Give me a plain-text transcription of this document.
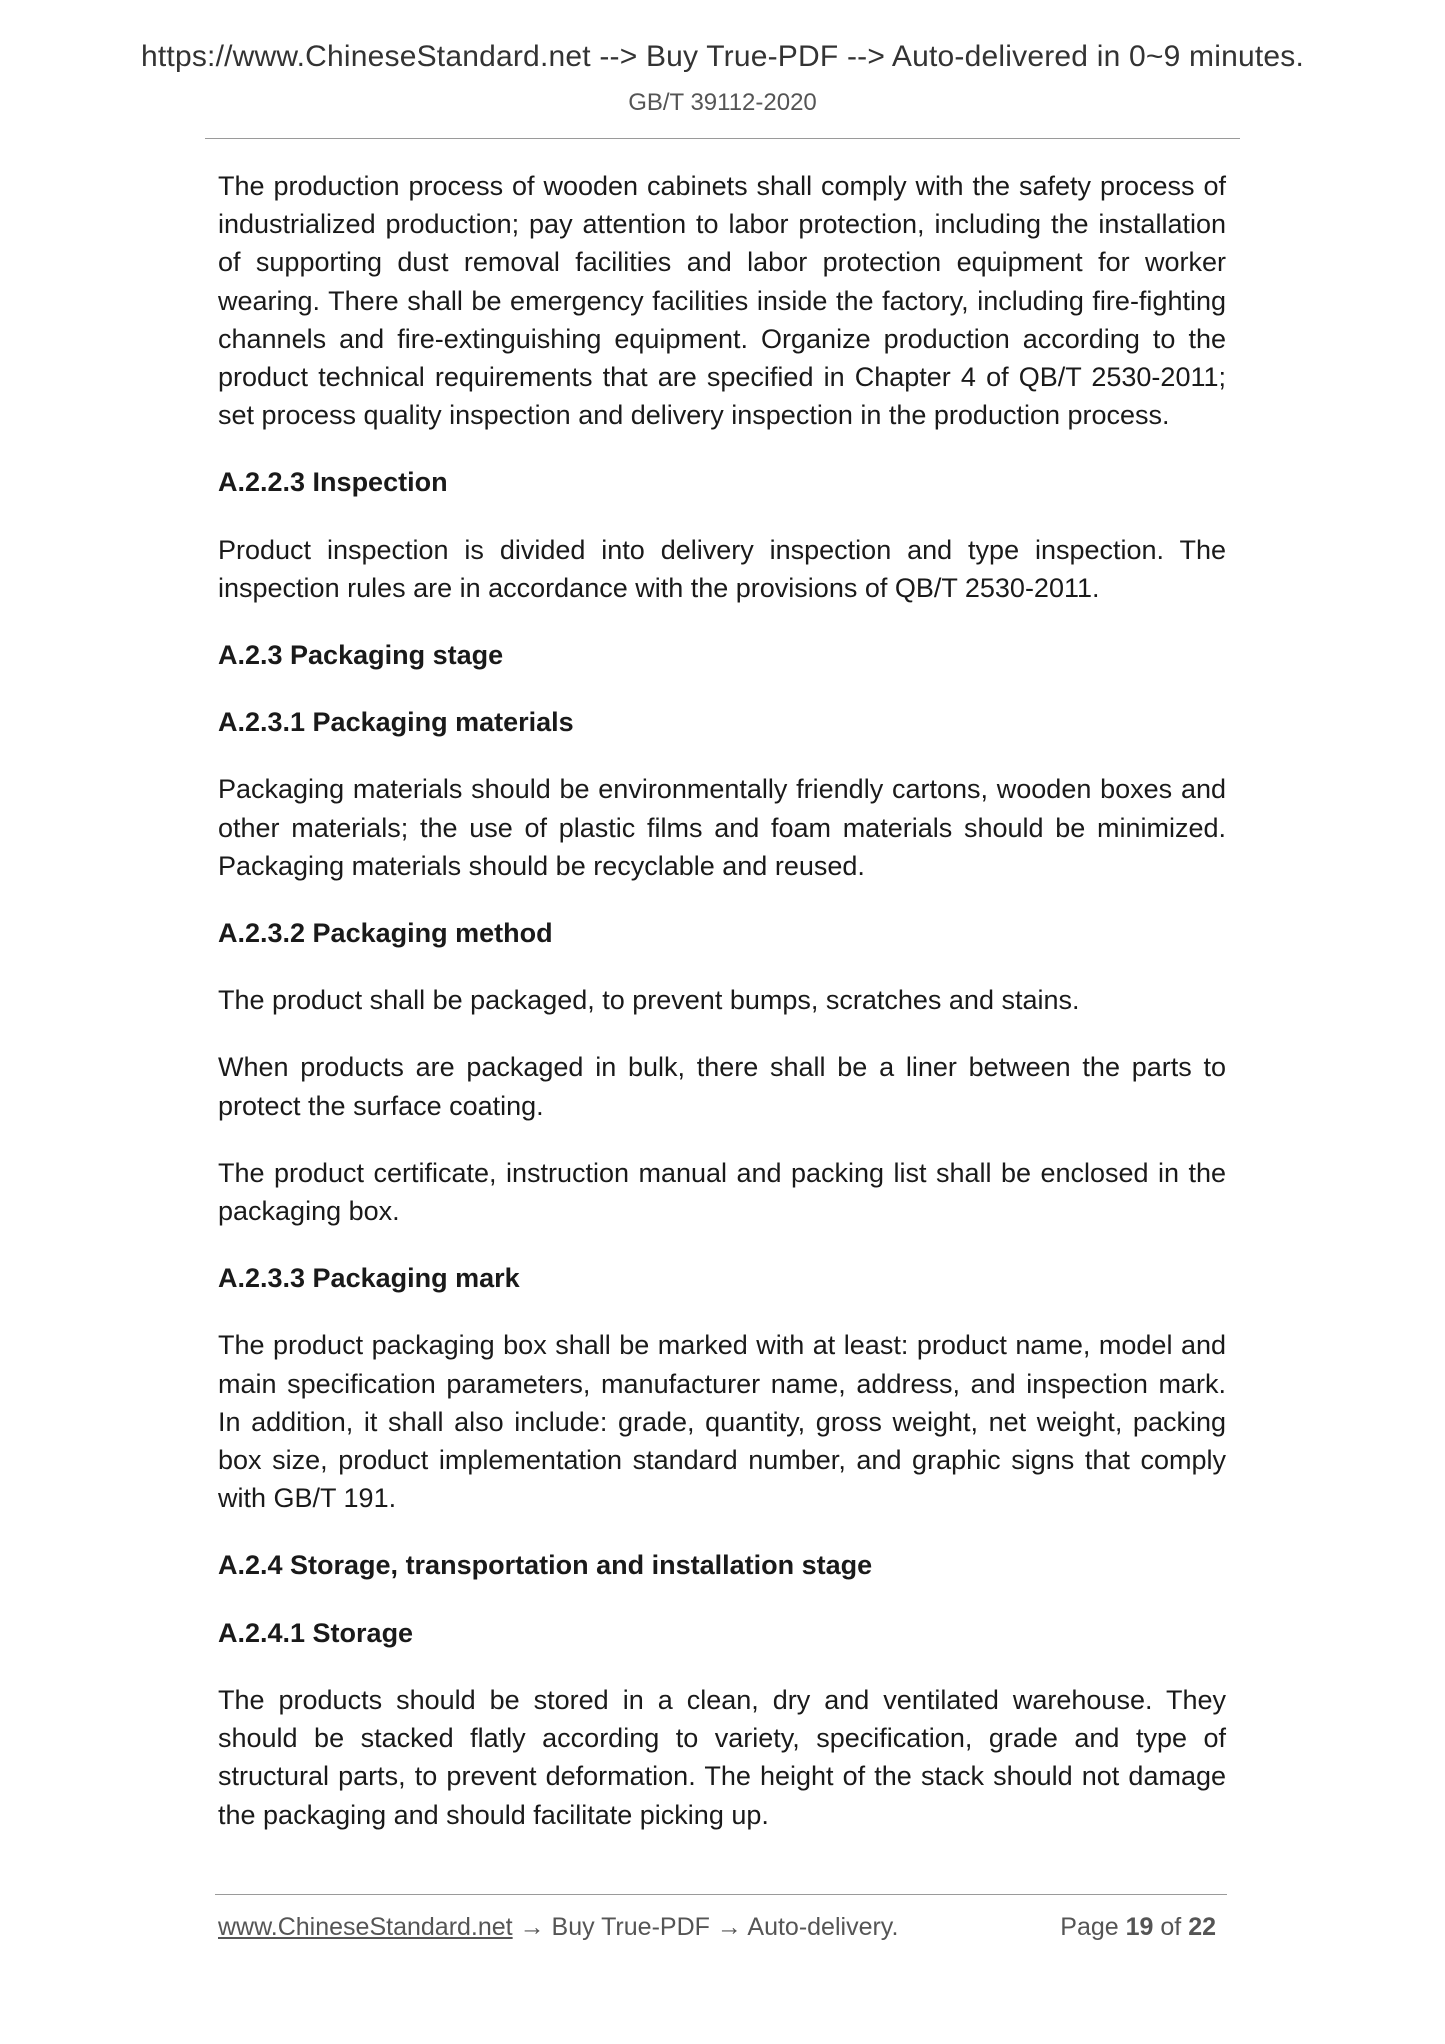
https://www.ChineseStandard.net --> Buy True-PDF --> Auto-delivered in 0~9 minutes.
GB/T 39112-2020

The production process of wooden cabinets shall comply with the safety process of industrialized production; pay attention to labor protection, including the installation of supporting dust removal facilities and labor protection equipment for worker wearing. There shall be emergency facilities inside the factory, including fire-fighting channels and fire-extinguishing equipment. Organize production according to the product technical requirements that are specified in Chapter 4 of QB/T 2530-2011; set process quality inspection and delivery inspection in the production process.

A.2.2.3 Inspection

Product inspection is divided into delivery inspection and type inspection. The inspection rules are in accordance with the provisions of QB/T 2530-2011.

A.2.3 Packaging stage
A.2.3.1 Packaging materials

Packaging materials should be environmentally friendly cartons, wooden boxes and other materials; the use of plastic films and foam materials should be minimized. Packaging materials should be recyclable and reused.

A.2.3.2 Packaging method

The product shall be packaged, to prevent bumps, scratches and stains.

When products are packaged in bulk, there shall be a liner between the parts to protect the surface coating.

The product certificate, instruction manual and packing list shall be enclosed in the packaging box.

A.2.3.3 Packaging mark

The product packaging box shall be marked with at least: product name, model and main specification parameters, manufacturer name, address, and inspection mark. In addition, it shall also include: grade, quantity, gross weight, net weight, packing box size, product implementation standard number, and graphic signs that comply with GB/T 191.

A.2.4 Storage, transportation and installation stage
A.2.4.1 Storage

The products should be stored in a clean, dry and ventilated warehouse. They should be stacked flatly according to variety, specification, grade and type of structural parts, to prevent deformation. The height of the stack should not damage the packaging and should facilitate picking up.

www.ChineseStandard.net → Buy True-PDF → Auto-delivery.	Page 19 of 22
